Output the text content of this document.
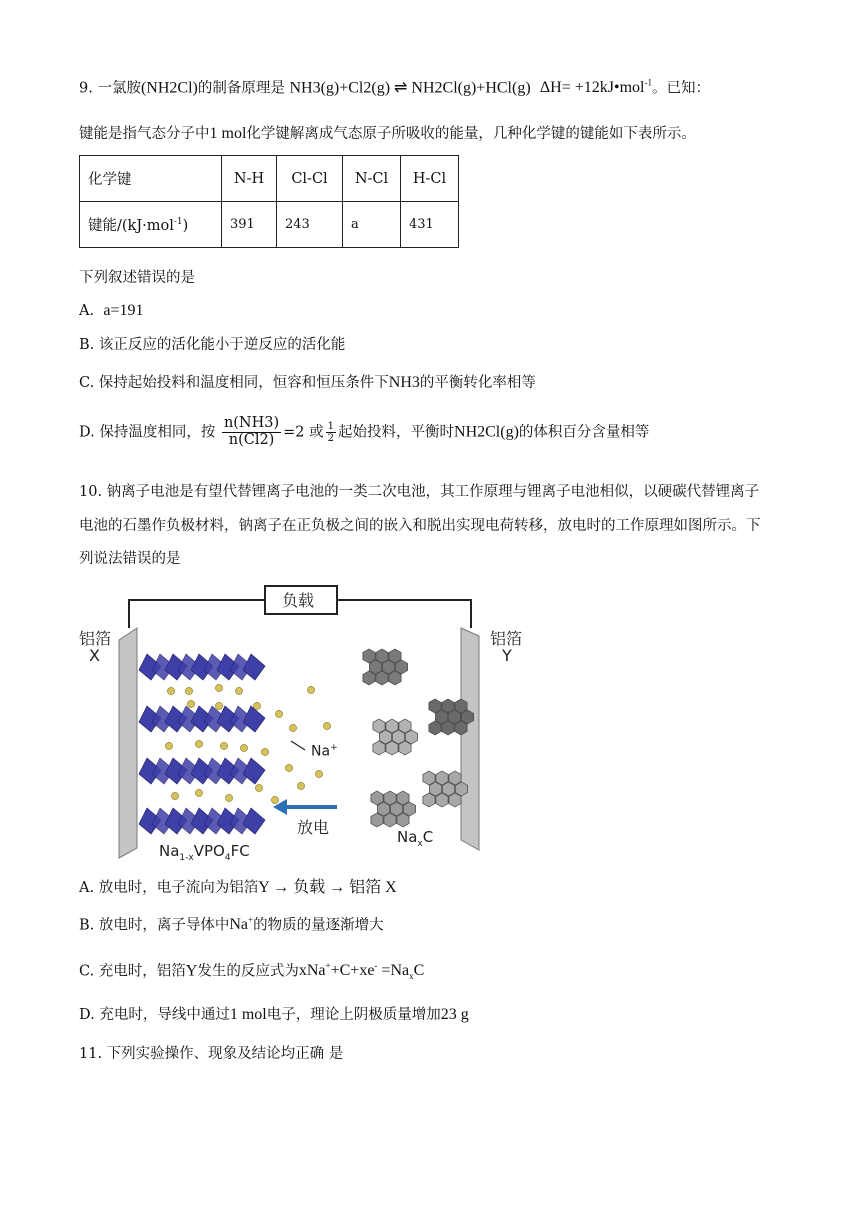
9. 一氯胺(NH2Cl)的制备原理是 NH3(g)+Cl2(g) ⇌ NH2Cl(g)+HCl(g) ΔH= +12kJ•mol$^{-1}$。已知：
键能是指气态分子中1 mol化学键解离成气态原子所吸收的能量，几种化学键的键能如下表所示。
化学键	N-H	Cl-Cl	N-Cl	H-Cl
键能/(kJ·mol$^{-1}$)	391	243	a	431
下列叙述错误的是
A. a=191
B. 该正反应的活化能小于逆反应的活化能
C. 保持起始投料和温度相同，恒容和恒压条件下NH3的平衡转化率相等
D. 保持温度相同，按 $\frac{n(NH3)}{n(Cl2)} =2$ 或 $\frac{1}{2}$ 起始投料，平衡时NH2Cl(g)的体积百分含量相等
10. 钠离子电池是有望代替锂离子电池的一类二次电池，其工作原理与锂离子电池相似，以硬碳代替锂离子
电池的石墨作负极材料，钠离子在正负极之间的嵌入和脱出实现电荷转移，放电时的工作原理如图所示。下
列说法错误的是
负载
铝箔
X
铝箔
Y
Na+
放电
$Na_{1-x}VPO_4FC$
$Na_xC$
A. 放电时，电子流向为铝箔Y → 负载 → 铝箔 X
B. 放电时，离子导体中Na+的物质的量逐渐增大
C. 充电时，铝箔Y发生的反应式为$xNa^++C+xe^- =Na_xC$
D. 充电时，导线中通过1 mol电子，理论上阴极质量增加23 g
11. 下列实验操作、现象及结论均正确 是
